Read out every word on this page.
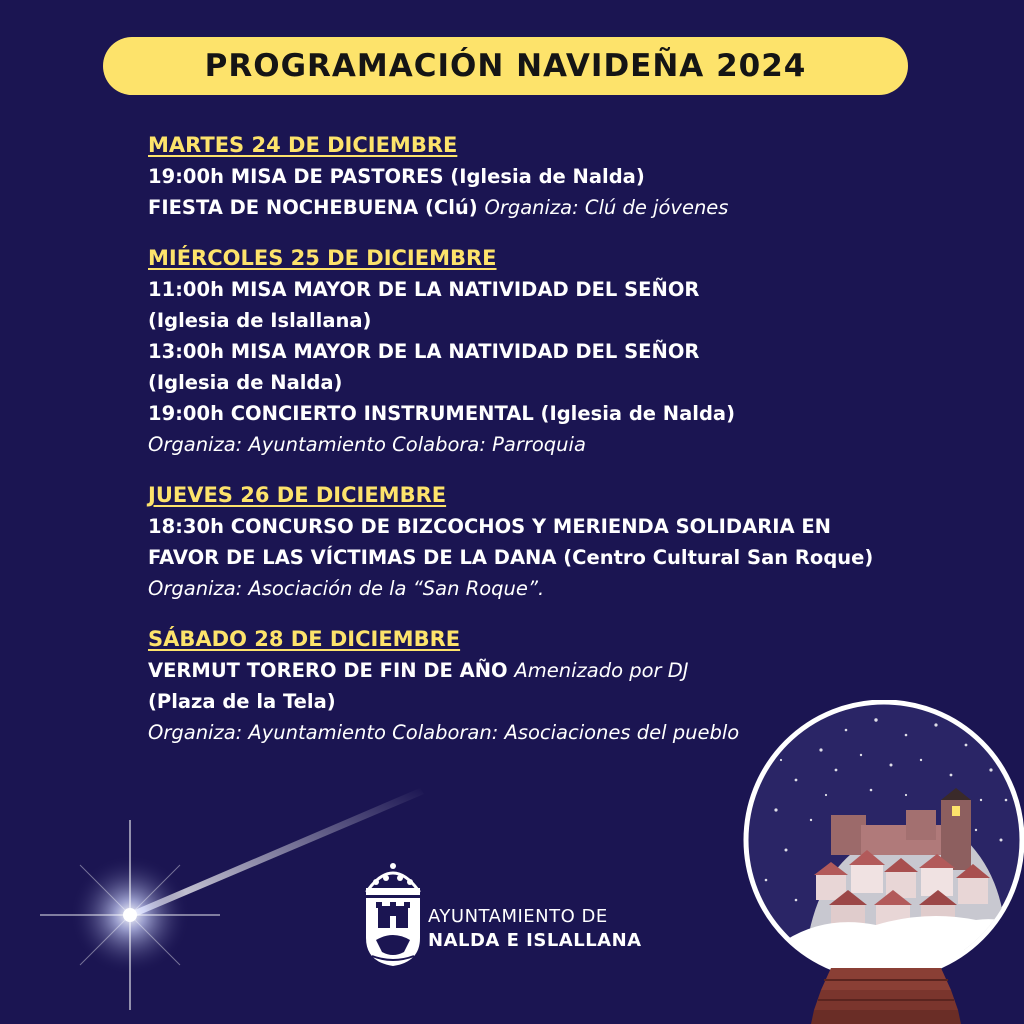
PROGRAMACIÓN NAVIDEÑA 2024
MARTES 24 DE DICIEMBRE
19:00h MISA DE PASTORES (Iglesia de Nalda)
FIESTA DE NOCHEBUENA (Clú) Organiza: Clú de jóvenes
MIÉRCOLES 25 DE DICIEMBRE
11:00h MISA MAYOR DE LA NATIVIDAD DEL SEÑOR
(Iglesia de Islallana)
13:00h MISA MAYOR DE LA NATIVIDAD DEL SEÑOR
(Iglesia de Nalda)
19:00h CONCIERTO INSTRUMENTAL (Iglesia de Nalda)
Organiza: Ayuntamiento Colabora: Parroquia
JUEVES 26 DE DICIEMBRE
18:30h CONCURSO DE BIZCOCHOS Y MERIENDA SOLIDARIA EN
FAVOR DE LAS VÍCTIMAS DE LA DANA (Centro Cultural San Roque)
Organiza: Asociación de la “San Roque”.
SÁBADO 28 DE DICIEMBRE
VERMUT TORERO DE FIN DE AÑO Amenizado por DJ
(Plaza de la Tela)
Organiza: Ayuntamiento Colaboran: Asociaciones del pueblo
AYUNTAMIENTO DE
NALDA E ISLALLANA
